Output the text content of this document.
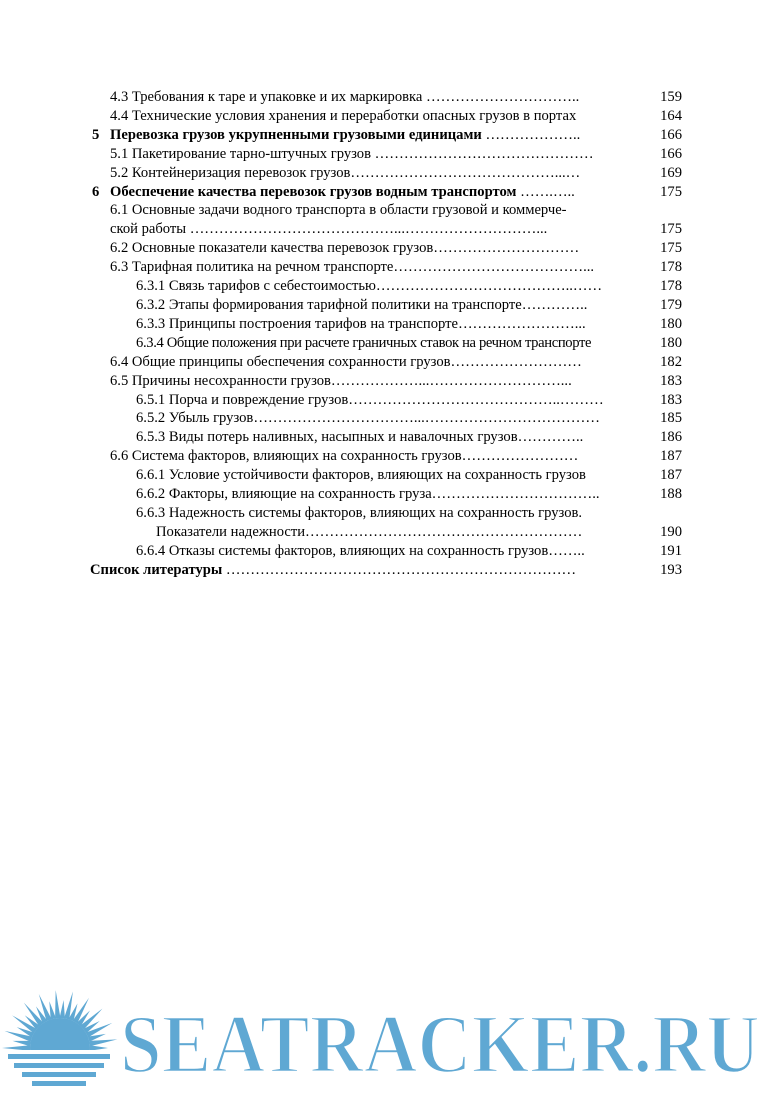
4.3 Требования к таре и упаковке и их маркировка …………………………..	159
4.4 Технические условия хранения и переработки опасных грузов в портах	164
5 Перевозка грузов укрупненными грузовыми единицами ………………..	166
5.1 Пакетирование тарно-штучных грузов ………………………………………	166
5.2 Контейнеризация перевозок грузов……………………………………...…	169
6 Обеспечение качества перевозок грузов водным транспортом …….…..	175
6.1 Основные задачи водного транспорта в области грузовой и коммерче-
ской работы ……………………………………...………………………...	175
6.2 Основные показатели качества перевозок грузов…………………………	175
6.3 Тарифная политика на речном транспорте…………………………………...	178
6.3.1 Связь тарифов с себестоимостью…………………………………..……	178
6.3.2 Этапы формирования тарифной политики на транспорте…………..	179
6.3.3 Принципы построения тарифов на транспорте……………………...	180
6.3.4 Общие положения при расчете граничных ставок на речном транспорте	180
6.4 Общие принципы обеспечения сохранности грузов………………………	182
6.5 Причины несохранности грузов………………...………………………...	183
6.5.1 Порча и повреждение грузов……………………………………..………	183
6.5.2 Убыль грузов……………………………...………………………………	185
6.5.3 Виды потерь наливных, насыпных и навалочных грузов…………..	186
6.6 Система факторов, влияющих на сохранность грузов……………………	187
6.6.1 Условие устойчивости факторов, влияющих на сохранность грузов	187
6.6.2 Факторы, влияющие на сохранность груза……………………………..	188
6.6.3 Надежность системы факторов, влияющих на сохранность грузов.
Показатели надежности…………………………………………………	190
6.6.4 Отказы системы факторов, влияющих на сохранность грузов……..	191
Список литературы ………………………………………………………………	193
SEATRACKER.RU
